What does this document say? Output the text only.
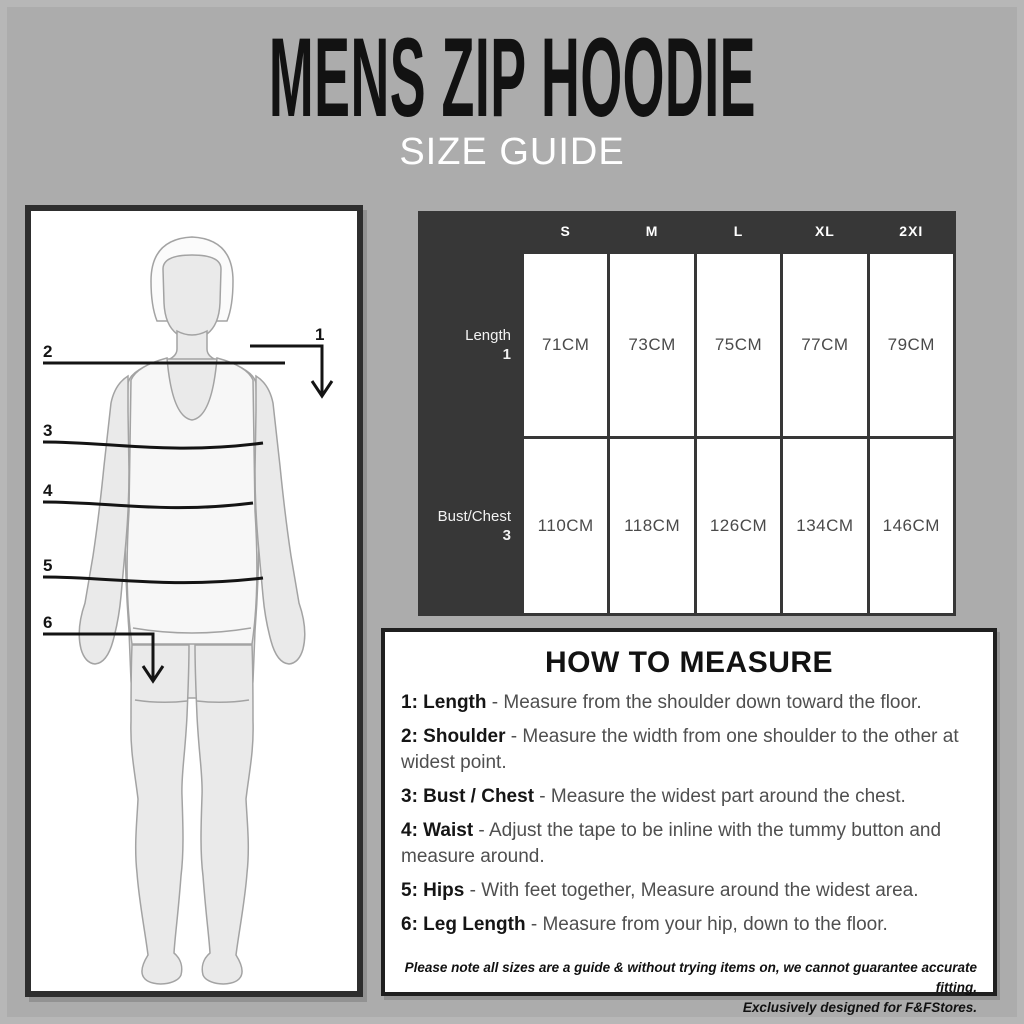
MENS ZIP HOODIE
SIZE GUIDE
1
2
3
4
5
6
S	M	L	XL	2XI
Length
1
71CM	73CM	75CM	77CM	79CM
Bust/Chest
3
110CM	118CM	126CM	134CM	146CM
HOW TO MEASURE
1: Length - Measure from the shoulder down toward the floor.
2: Shoulder - Measure the width from one shoulder to the other at widest point.
3: Bust / Chest - Measure the widest part around the chest.
4: Waist - Adjust the tape to be inline with the tummy button and measure around.
5: Hips - With feet together, Measure around the widest area.
6: Leg Length - Measure from your hip, down to the floor.
Please note all sizes are a guide & without trying items on, we cannot guarantee accurate fitting.
Exclusively designed for F&FStores.
